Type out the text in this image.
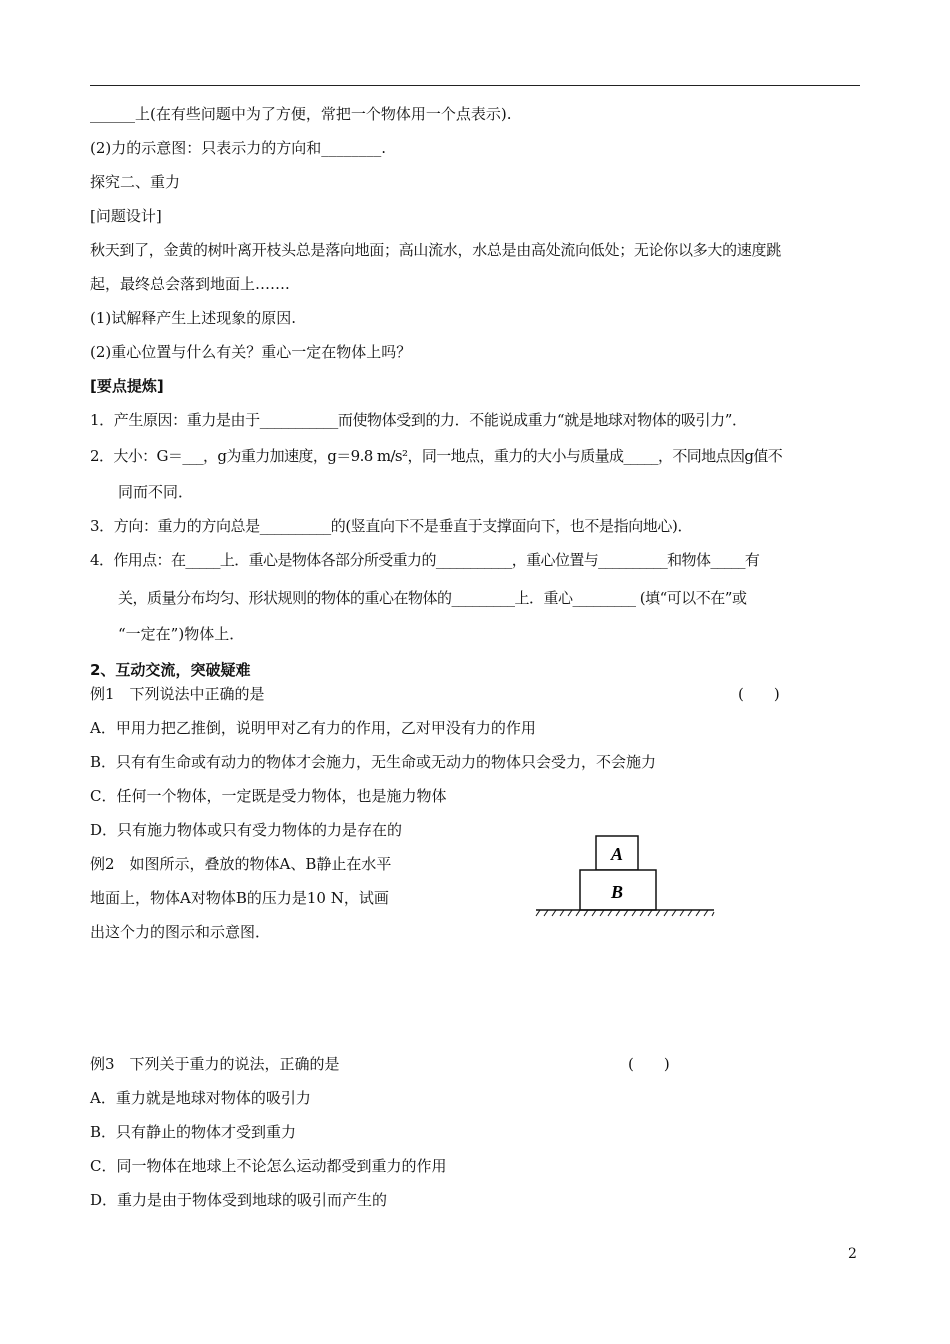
______上(在有些问题中为了方便，常把一个物体用一个点表示).
(2)力的示意图：只表示力的方向和________.
探究二、重力
[问题设计]
秋天到了，金黄的树叶离开枝头总是落向地面；高山流水，水总是由高处流向低处；无论你以多大的速度跳
起，最终总会落到地面上…….
(1)试解释产生上述现象的原因.
(2)重心位置与什么有关？重心一定在物体上吗？
[要点提炼]
1．产生原因：重力是由于___________而使物体受到的力．不能说成重力“就是地球对物体的吸引力”．
2．大小：G＝___，g为重力加速度，g＝9.8 m/s²，同一地点，重力的大小与质量成_____，不同地点因g值不
同而不同．
3．方向：重力的方向总是__________的(竖直向下不是垂直于支撑面向下，也不是指向地心)．
4．作用点：在_____上．重心是物体各部分所受重力的___________，重心位置与__________和物体_____有
关，质量分布均匀、形状规则的物体的重心在物体的_________上．重心_________ (填“可以不在”或
“一定在”)物体上．
2、互动交流，突破疑难
例1　下列说法中正确的是	(　　)
A．甲用力把乙推倒，说明甲对乙有力的作用，乙对甲没有力的作用
B．只有有生命或有动力的物体才会施力，无生命或无动力的物体只会受力，不会施力
C．任何一个物体，一定既是受力物体，也是施力物体
D．只有施力物体或只有受力物体的力是存在的
例2　如图所示，叠放的物体A、B静止在水平
地面上，物体A对物体B的压力是10 N，试画
出这个力的图示和示意图．
A
B
例3　下列关于重力的说法，正确的是	(　　)
A．重力就是地球对物体的吸引力
B．只有静止的物体才受到重力
C．同一物体在地球上不论怎么运动都受到重力的作用
D．重力是由于物体受到地球的吸引而产生的
2
